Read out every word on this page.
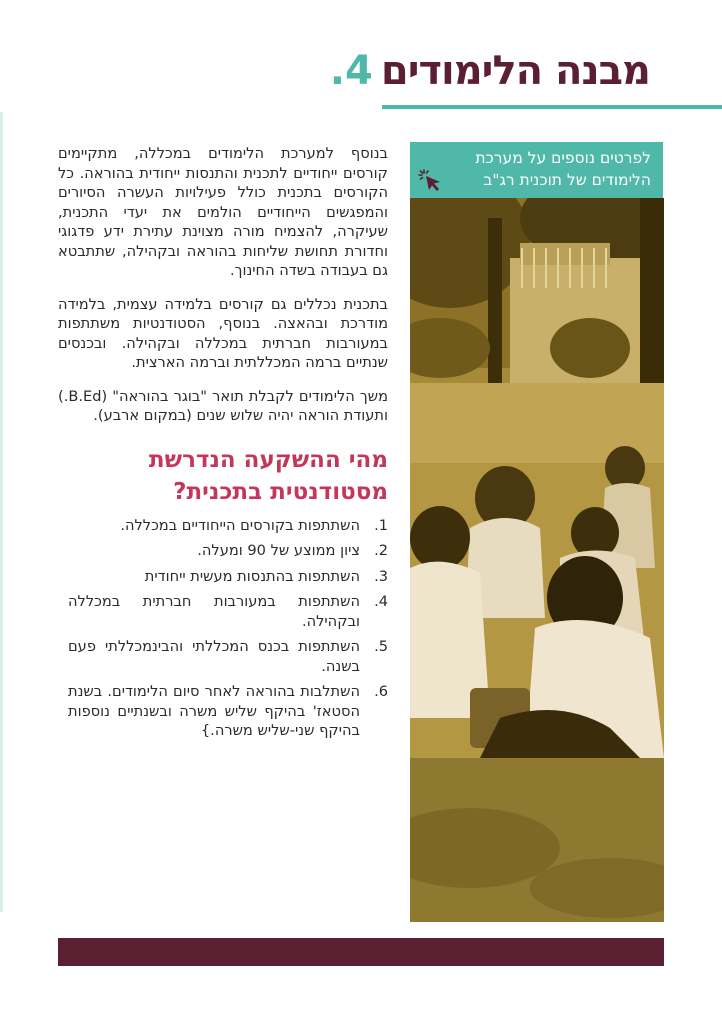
מבנה הלימודים
4.
לפרטים נוספים על מערכת הלימודים של תוכנית רג"ב

בנוסף למערכת הלימודים במכללה, מתקיימים קורסים ייחודיים לתכנית והתנסות ייחודית בהוראה. כל הקורסים בתכנית כולל פעילויות העשרה הסיורים והמפגשים הייחודיים הולמים את יעדי התכנית, שעיקרה, להצמיח מורה מצוינת עתירת ידע פדגוגי וחדורת תחושת שליחות בהוראה ובקהילה, שתתבטא גם בעבודה בשדה החינוך.

בתכנית נכללים גם קורסים בלמידה עצמית, בלמידה מודרכת ובהאצה. בנוסף, הסטודנטיות משתתפות במעורבות חברתית במכללה ובקהילה. ובכנסים שנתיים ברמה המכללתית וברמה הארצית.

משך הלימודים לקבלת תואר "בוגר בהוראה" (B.Ed.) ותעודת הוראה יהיה שלוש שנים (במקום ארבע).

מהי ההשקעה הנדרשת
מסטודנטית בתכנית?
1.
השתתפות בקורסים הייחודיים במכללה.
2.
ציון ממוצע של 90 ומעלה.
3.
השתתפות בהתנסות מעשית ייחודית
4.
השתתפות במעורבות חברתית במכללה ובקהילה.
5.
השתתפות בכנס המכללתי והבינמכללתי פעם בשנה.
6.
השתלבות בהוראה לאחר סיום הלימודים. בשנת הסטאז' בהיקף שליש משרה ובשנתיים נוספות בהיקף שני-שליש משרה.}
